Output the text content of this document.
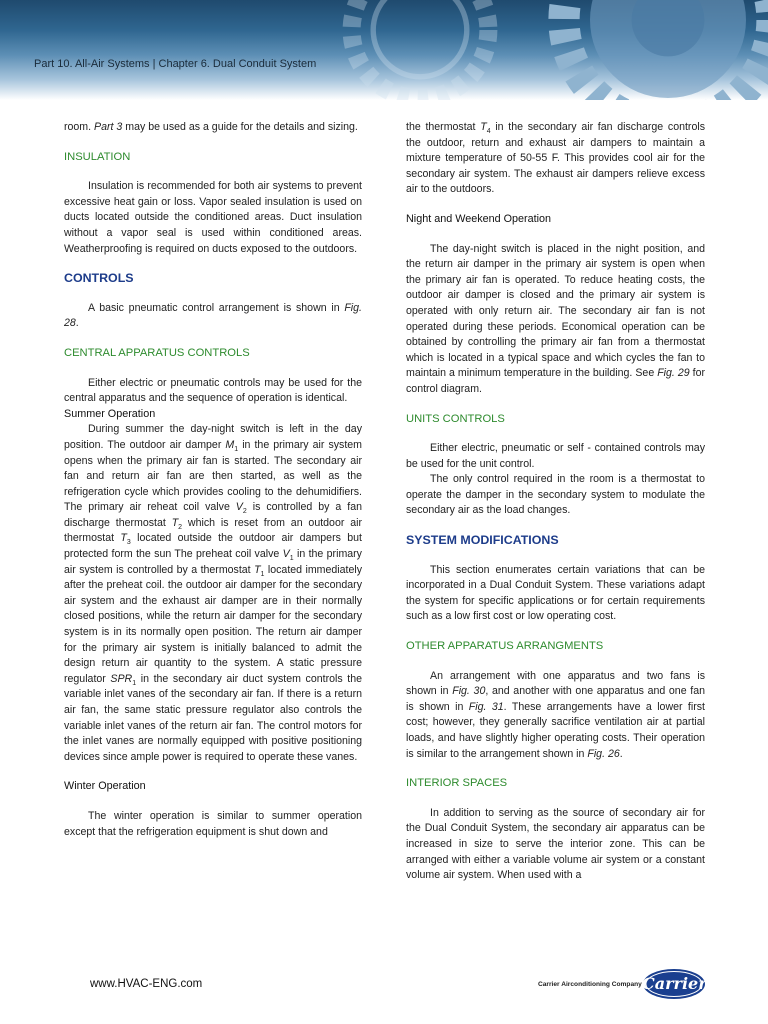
Part 10. All-Air Systems | Chapter 6. Dual Conduit System

room. Part 3 may be used as a guide for the details and sizing.

INSULATION

Insulation is recommended for both air systems to prevent excessive heat gain or loss. Vapor sealed insulation is used on ducts located outside the conditioned areas. Duct insulation without a vapor seal is used within conditioned areas. Weatherproofing is required on ducts exposed to the outdoors.

CONTROLS

A basic pneumatic control arrangement is shown in Fig. 28.

CENTRAL APPARATUS CONTROLS

Either electric or pneumatic controls may be used for the central apparatus and the sequence of operation is identical.

Summer Operation

During summer the day-night switch is left in the day position. The outdoor air damper $M_1$ in the primary air system opens when the primary air fan is started. The secondary air fan and return air fan are then started, as well as the refrigeration cycle which provides cooling to the dehumidifiers. The primary air reheat coil valve $V_2$ is controlled by a fan discharge thermostat $T_2$ which is reset from an outdoor air thermostat $T_3$ located outside the outdoor air dampers but protected form the sun The preheat coil valve $V_1$ in the primary air system is controlled by a thermostat $T_1$ located immediately after the preheat coil. the outdoor air damper for the secondary air system and the exhaust air damper are in their normally closed positions, while the return air damper for the secondary system is in its normally open position. The return air damper for the primary air system is initially balanced to admit the design return air quantity to the system. A static pressure regulator $SPR_1$ in the secondary air duct system controls the variable inlet vanes of the secondary air fan. If there is a return air fan, the same static pressure regulator also controls the variable inlet vanes of the return air fan. The control motors for the inlet vanes are normally equipped with positive positioning devices since ample power is required to operate these vanes.

Winter Operation

The winter operation is similar to summer operation except that the refrigeration equipment is shut down and

the thermostat $T_4$ in the secondary air fan discharge controls the outdoor, return and exhaust air dampers to maintain a mixture temperature of 50-55 F. This provides cool air for the secondary air system. The exhaust air dampers relieve excess air to the outdoors.

Night and Weekend Operation

The day-night switch is placed in the night position, and the return air damper in the primary air system is open when the primary air fan is operated. To reduce heating costs, the outdoor air damper is closed and the primary air system is operated with only return air. The secondary air fan is not operated during these periods. Economical operation can be obtained by controlling the primary air fan from a thermostat which is located in a typical space and which cycles the fan to maintain a minimum temperature in the building. See Fig. 29 for control diagram.

UNITS CONTROLS

Either electric, pneumatic or self - contained controls may be used for the unit control.

The only control required in the room is a thermostat to operate the damper in the secondary system to modulate the secondary air as the load changes.

SYSTEM MODIFICATIONS

This section enumerates certain variations that can be incorporated in a Dual Conduit System. These variations adapt the system for specific applications or for certain requirements such as a low first cost or low operating cost.

OTHER APPARATUS ARRANGMENTS

An arrangement with one apparatus and two fans is shown in Fig. 30, and another with one apparatus and one fan is shown in Fig. 31. These arrangements have a lower first cost; however, they generally sacrifice ventilation air at partial loads, and have slightly higher operating costs. Their operation is similar to the arrangement shown in Fig. 26.

INTERIOR SPACES

In addition to serving as the source of secondary air for the Dual Conduit System, the secondary air apparatus can be increased in size to serve the interior zone. This can be arranged with either a variable volume air system or a constant volume air system. When used with a

www.HVAC-ENG.com	Carrier Airconditioning Company Carrier
